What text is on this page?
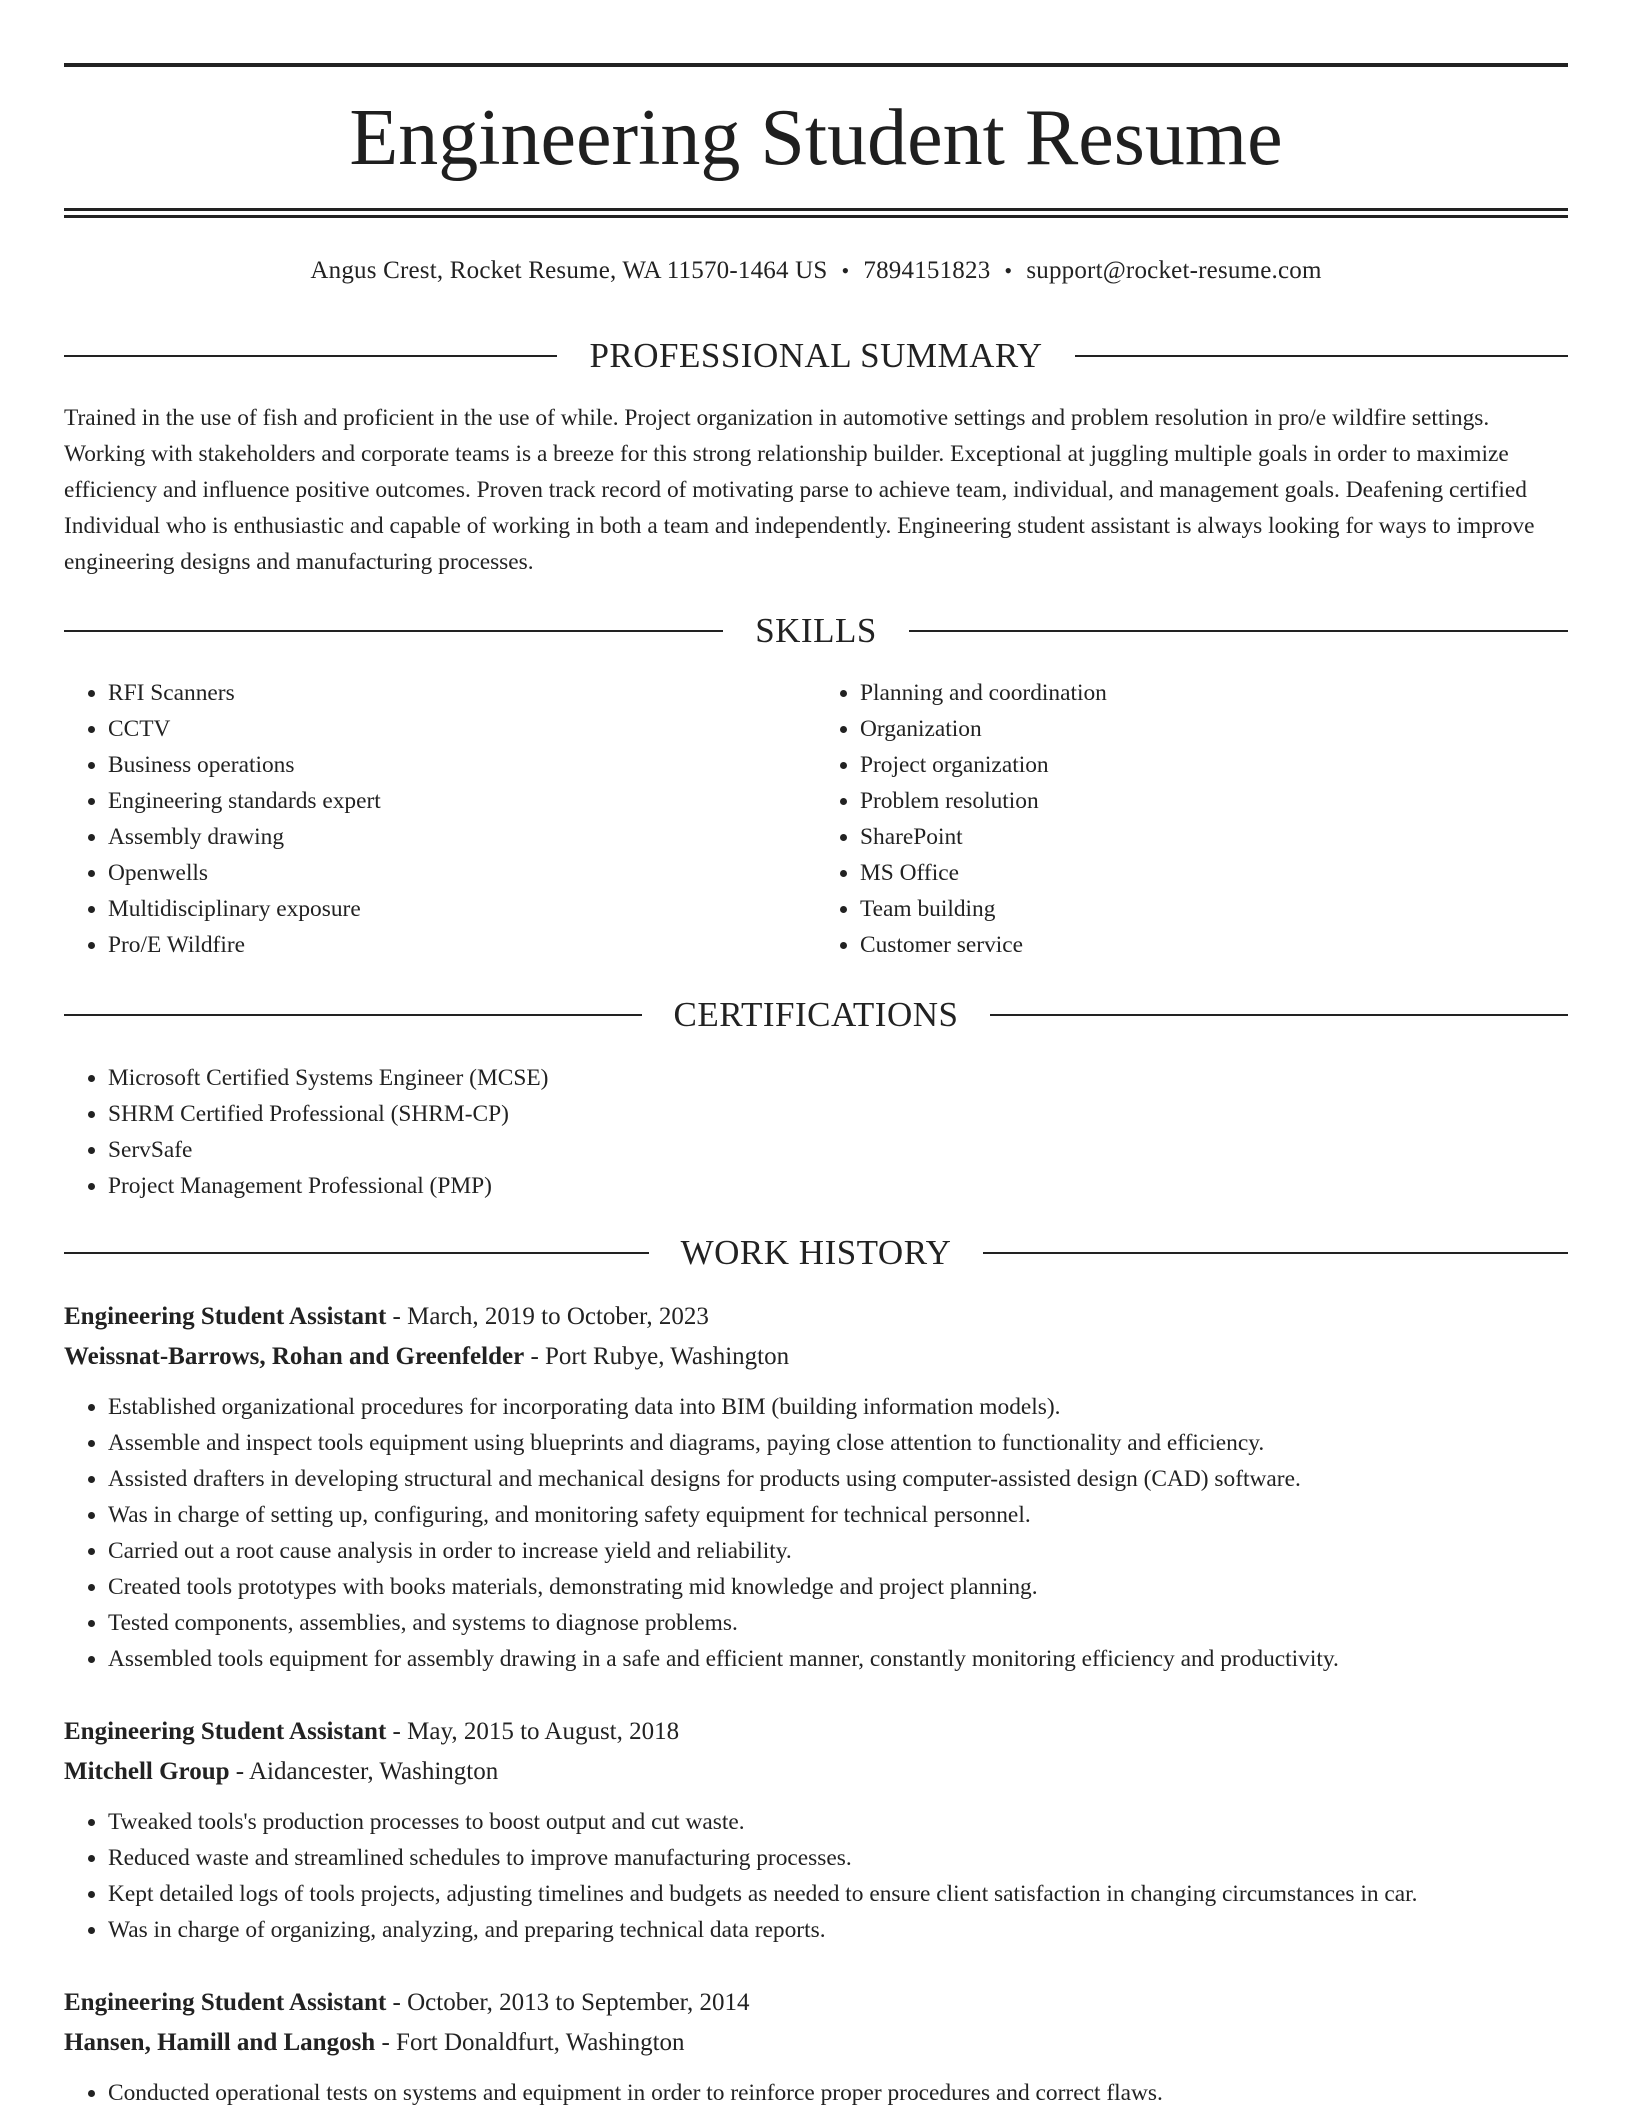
Engineering Student Resume
Angus Crest, Rocket Resume, WA 11570-1464 US • 7894151823 • support@rocket-resume.com
PROFESSIONAL SUMMARY

Trained in the use of fish and proficient in the use of while. Project organization in automotive settings and problem resolution in pro/e wildfire settings. Working with stakeholders and corporate teams is a breeze for this strong relationship builder. Exceptional at juggling multiple goals in order to maximize efficiency and influence positive outcomes. Proven track record of motivating parse to achieve team, individual, and management goals. Deafening certified Individual who is enthusiastic and capable of working in both a team and independently. Engineering student assistant is always looking for ways to improve engineering designs and manufacturing processes.

SKILLS
• RFI Scanners
• CCTV
• Business operations
• Engineering standards expert
• Assembly drawing
• Openwells
• Multidisciplinary exposure
• Pro/E Wildfire
• Planning and coordination
• Organization
• Project organization
• Problem resolution
• SharePoint
• MS Office
• Team building
• Customer service
CERTIFICATIONS
• Microsoft Certified Systems Engineer (MCSE)
• SHRM Certified Professional (SHRM-CP)
• ServSafe
• Project Management Professional (PMP)
WORK HISTORY
Engineering Student Assistant - March, 2019 to October, 2023
Weissnat-Barrows, Rohan and Greenfelder - Port Rubye, Washington
• Established organizational procedures for incorporating data into BIM (building information models).
• Assemble and inspect tools equipment using blueprints and diagrams, paying close attention to functionality and efficiency.
• Assisted drafters in developing structural and mechanical designs for products using computer-assisted design (CAD) software.
• Was in charge of setting up, configuring, and monitoring safety equipment for technical personnel.
• Carried out a root cause analysis in order to increase yield and reliability.
• Created tools prototypes with books materials, demonstrating mid knowledge and project planning.
• Tested components, assemblies, and systems to diagnose problems.
• Assembled tools equipment for assembly drawing in a safe and efficient manner, constantly monitoring efficiency and productivity.
Engineering Student Assistant - May, 2015 to August, 2018
Mitchell Group - Aidancester, Washington
• Tweaked tools's production processes to boost output and cut waste.
• Reduced waste and streamlined schedules to improve manufacturing processes.
• Kept detailed logs of tools projects, adjusting timelines and budgets as needed to ensure client satisfaction in changing circumstances in car.
• Was in charge of organizing, analyzing, and preparing technical data reports.
Engineering Student Assistant - October, 2013 to September, 2014
Hansen, Hamill and Langosh - Fort Donaldfurt, Washington
• Conducted operational tests on systems and equipment in order to reinforce proper procedures and correct flaws.
